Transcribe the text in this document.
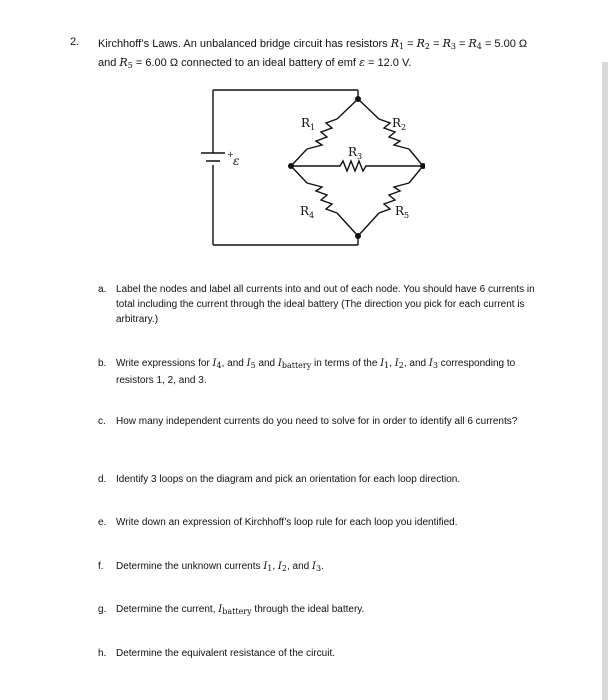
2. Kirchhoff’s Laws. An unbalanced bridge circuit has resistors $R_1 = R_2 = R_3 = R_4 = 5.00$ Ω
and $R_5 = 6.00$ Ω connected to an ideal battery of emf ε = 12.0 V.
$R_1$	$R_2$
$R_3$
$R_4$	$R_5$
+ ε
a. Label the nodes and label all currents into and out of each node. You should have 6 currents in total including the current through the ideal battery (The direction you pick for each current is arbitrary.)
b. Write expressions for $I_4$, and $I_5$ and $I_{battery}$ in terms of the $I_1$, $I_2$, and $I_3$ corresponding to resistors 1, 2, and 3.
c.	How many independent currents do you need to solve for in order to identify all 6 currents?
d. Identify 3 loops on the diagram and pick an orientation for each loop direction.
e. Write down an expression of Kirchhoff’s loop rule for each loop you identified.
f.	Determine the unknown currents $I_1$, $I_2$, and $I_3$.
g. Determine the current, $I_{battery}$ through the ideal battery.
h. Determine the equivalent resistance of the circuit.
